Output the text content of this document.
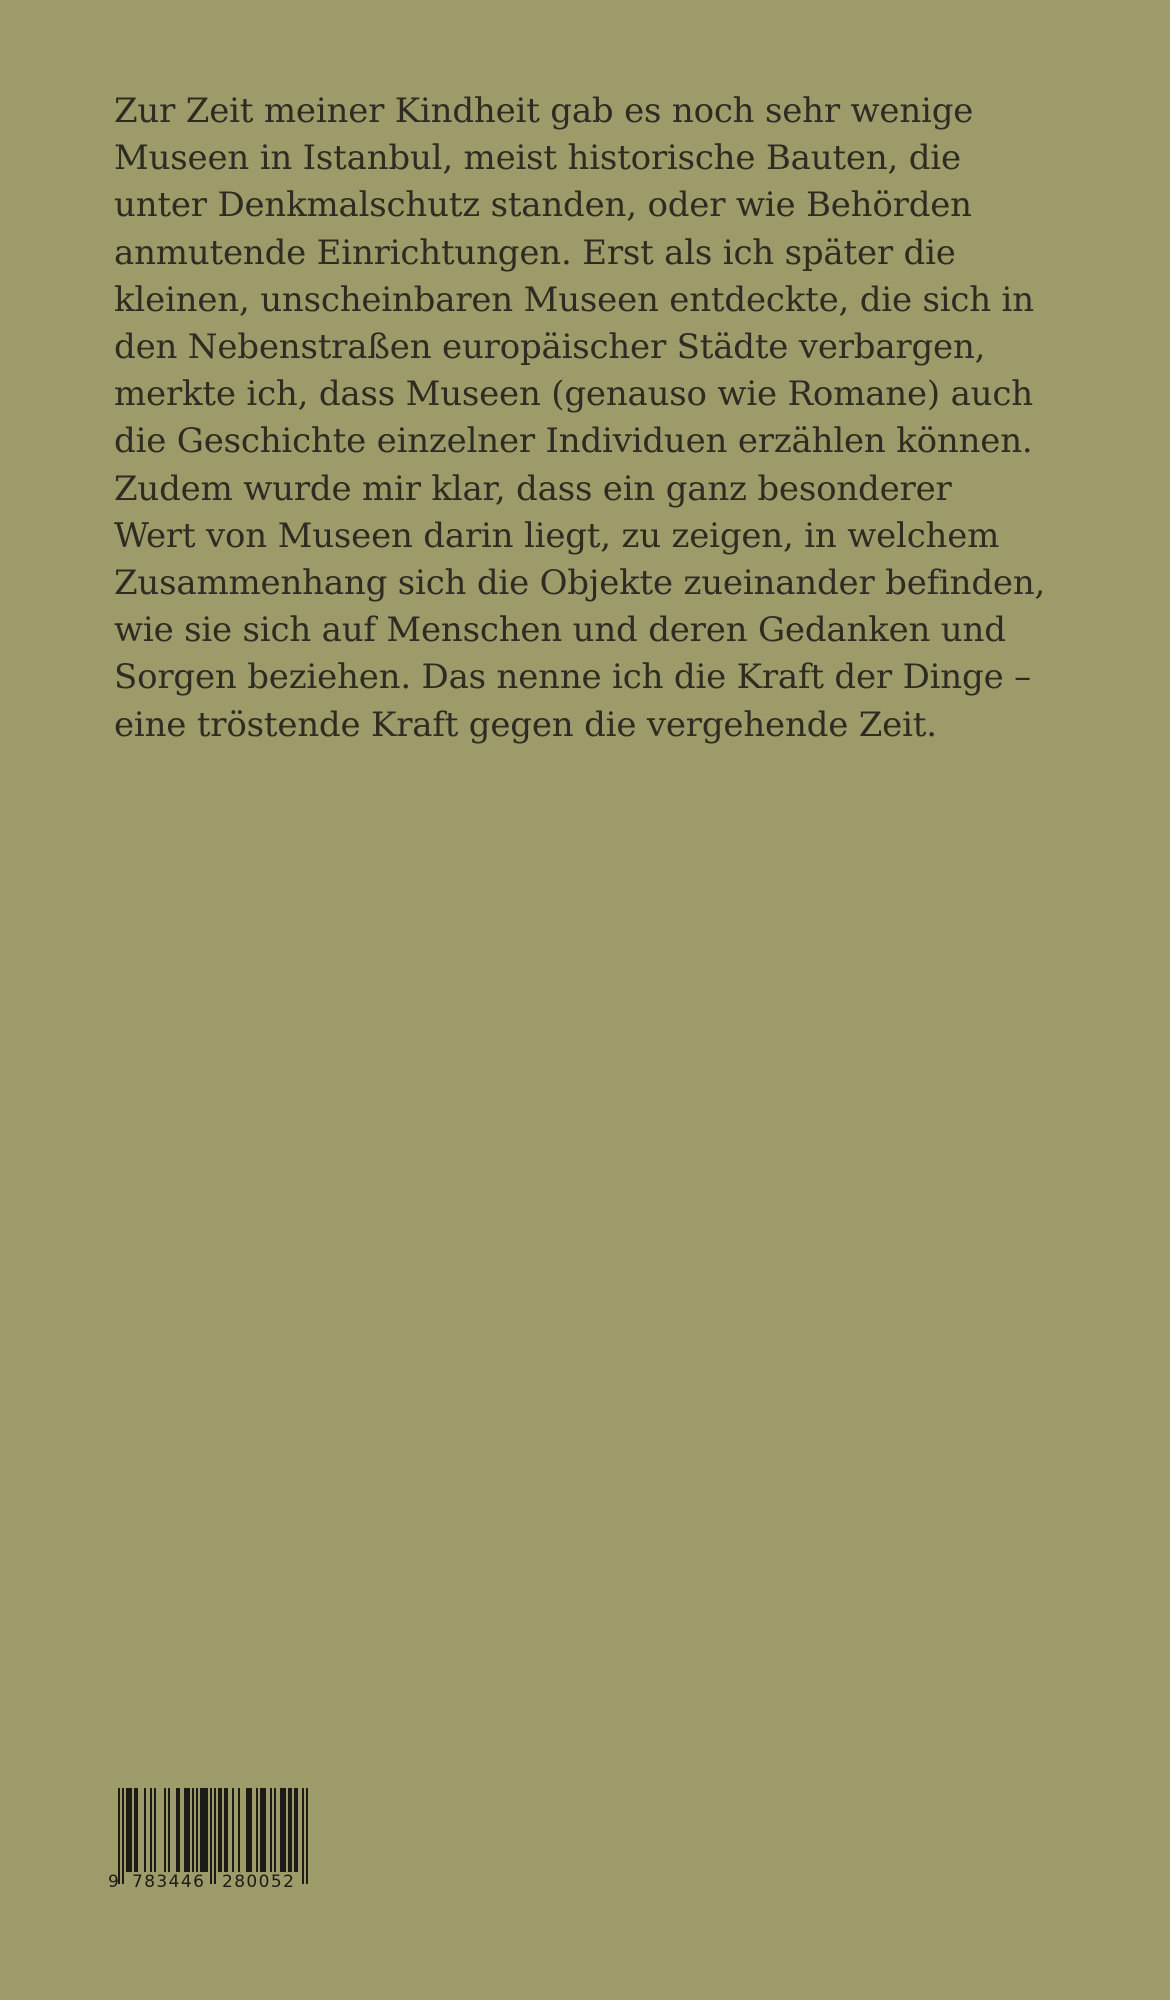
Zur Zeit meiner Kindheit gab es noch sehr wenige
Museen in Istanbul, meist historische Bauten, die
unter Denkmalschutz standen, oder wie Behörden
anmutende Einrichtungen. Erst als ich später die
kleinen, unscheinbaren Museen entdeckte, die sich in
den Nebenstraßen europäischer Städte verbargen,
merkte ich, dass Museen (genauso wie Romane) auch
die Geschichte einzelner Individuen erzählen können.
Zudem wurde mir klar, dass ein ganz besonderer
Wert von Museen darin liegt, zu zeigen, in welchem
Zusammenhang sich die Objekte zueinander befinden,
wie sie sich auf Menschen und deren Gedanken und
Sorgen beziehen. Das nenne ich die Kraft der Dinge –
eine tröstende Kraft gegen die vergehende Zeit.

9 783446 280052
